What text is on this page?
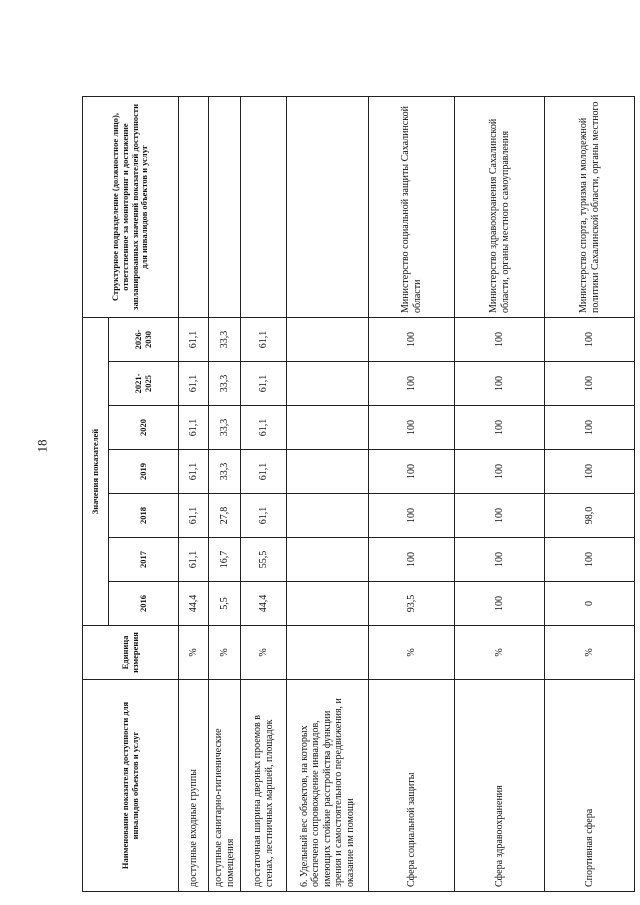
18
Наименование показателя доступности для инвалидов объектов и услуг	Единица измерения	Значения показателей							Структурное подразделение (должностное лицо), ответственное за мониторинг и достижение запланированных значений показателей доступности для инвалидов объектов и услуг
		2016	2017	2018	2019	2020	2021-2025	2026-2030	
доступные входные группы	%	44,4	61,1	61,1	61,1	61,1	61,1	61,1	
доступные санитарно-гигиенические помещения	%	5,5	16,7	27,8	33,3	33,3	33,3	33,3	
достаточная ширина дверных проемов в стенах, лестничных маршей, площадок	%	44,4	55,5	61,1	61,1	61,1	61,1	61,1	
6. Удельный вес объектов, на которых обеспечено сопровождение инвалидов, имеющих стойкие расстройства функции зрения и самостоятельного передвижения, и оказание им помощи									
Сфера социальной защиты	%	93,5	100	100	100	100	100	100	Министерство социальной защиты Сахалинской области
Сфера здравоохранения	%	100	100	100	100	100	100	100	Министерство здравоохранения Сахалинской области, органы местного самоуправления
Спортивная сфера	%	0	100	98,0	100	100	100	100	Министерство спорта, туризма и молодежной политики Сахалинской области, органы местного
